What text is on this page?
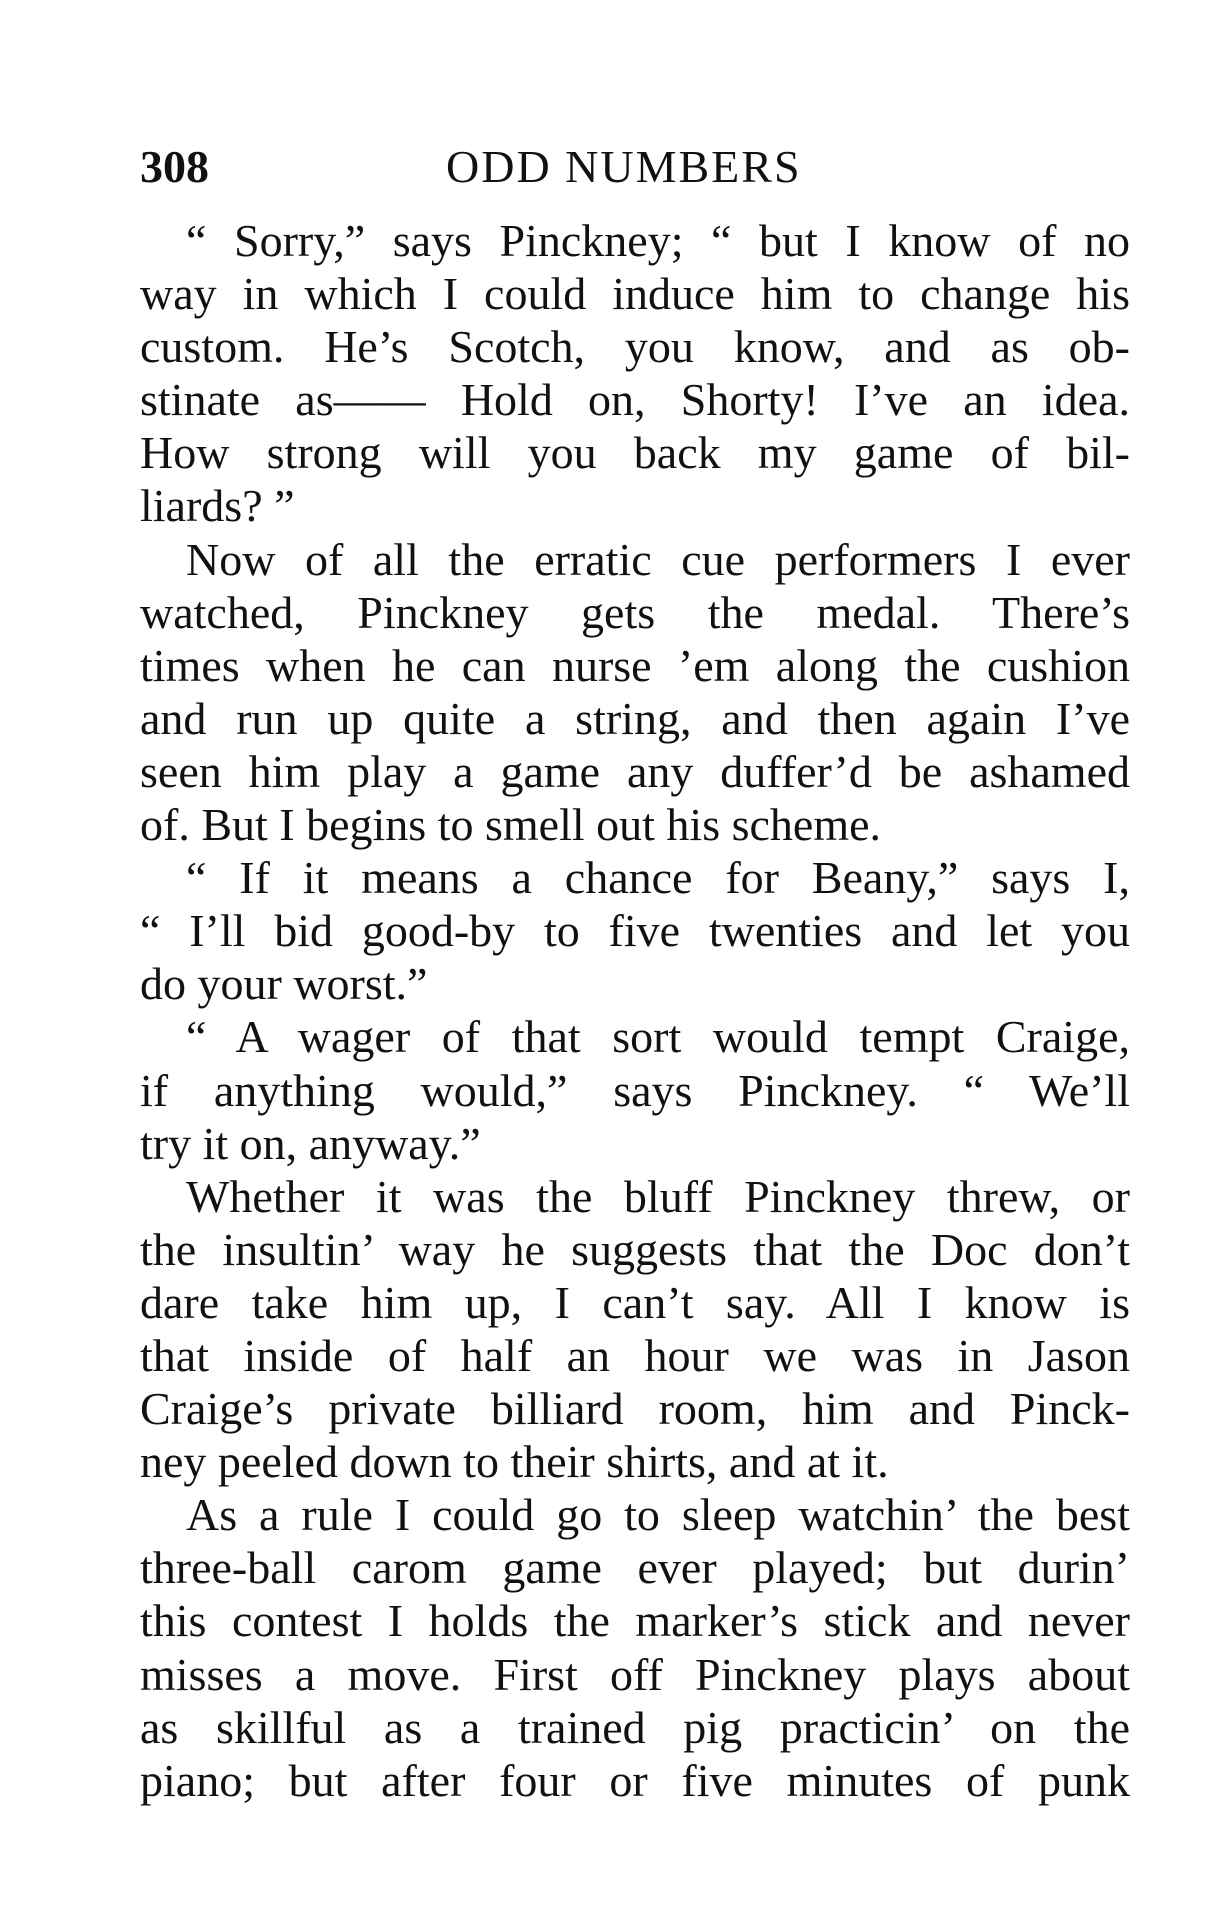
308	ODD NUMBERS
“ Sorry,” says Pinckney; “ but I know of no
way in which I could induce him to change his
custom. He’s Scotch, you know, and as ob-
stinate as—— Hold on, Shorty! I’ve an idea.
How strong will you back my game of bil-
liards? ”
Now of all the erratic cue performers I ever
watched, Pinckney gets the medal. There’s
times when he can nurse ’em along the cushion
and run up quite a string, and then again I’ve
seen him play a game any duffer’d be ashamed
of. But I begins to smell out his scheme.
“ If it means a chance for Beany,” says I,
“ I’ll bid good-by to five twenties and let you
do your worst.”
“ A wager of that sort would tempt Craige,
if anything would,” says Pinckney. “ We’ll
try it on, anyway.”
Whether it was the bluff Pinckney threw, or
the insultin’ way he suggests that the Doc don’t
dare take him up, I can’t say. All I know is
that inside of half an hour we was in Jason
Craige’s private billiard room, him and Pinck-
ney peeled down to their shirts, and at it.
As a rule I could go to sleep watchin’ the best
three-ball carom game ever played; but durin’
this contest I holds the marker’s stick and never
misses a move. First off Pinckney plays about
as skillful as a trained pig practicin’ on the
piano; but after four or five minutes of punk
